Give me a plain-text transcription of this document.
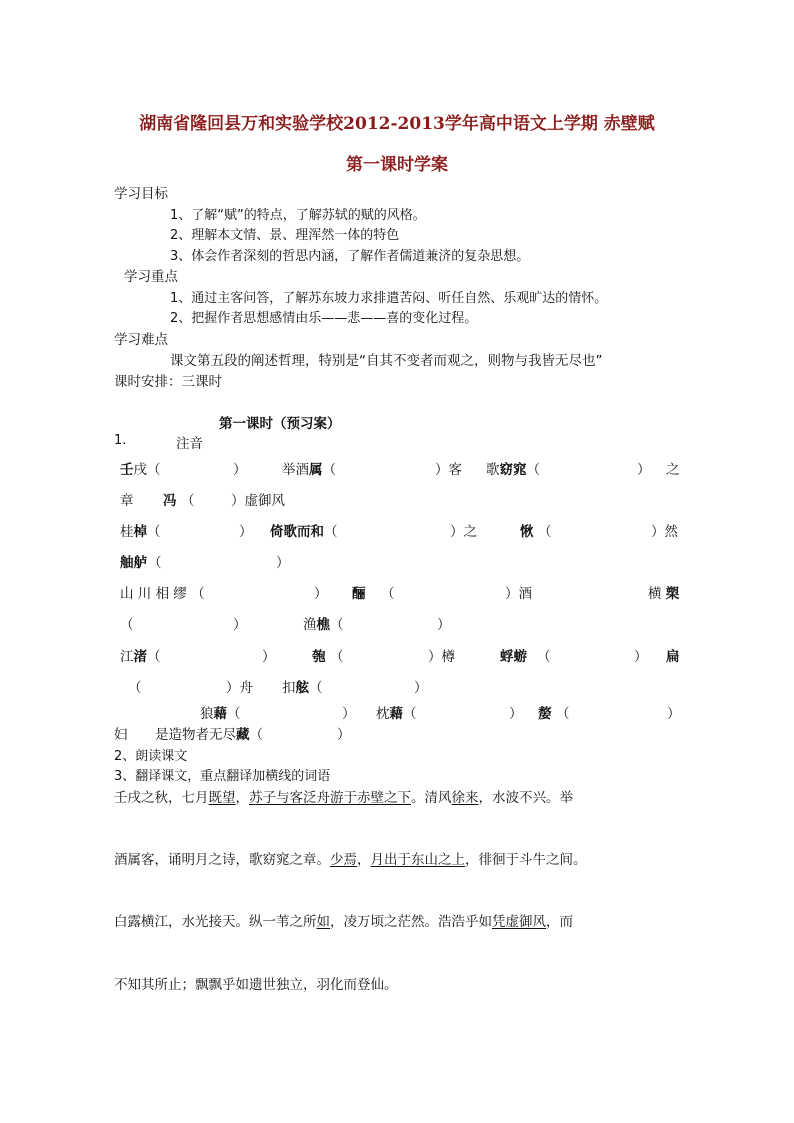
湖南省隆回县万和实验学校2012-2013学年高中语文上学期 赤壁赋
第一课时学案
学习目标
1、了解“赋”的特点，了解苏轼的赋的风格。
2、理解本文情、景、理浑然一体的特色
3、体会作者深刻的哲思内涵，了解作者儒道兼济的复杂思想。
学习重点
1、通过主客问答，了解苏东坡力求排遣苦闷、听任自然、乐观旷达的情怀。
2、把握作者思想感情由乐——悲——喜的变化过程。
学习难点
课文第五段的阐述哲理，特别是“自其不变者而观之，则物与我皆无尽也”
课时安排：三课时
第一课时（预习案）
1.	注音
壬戌（	）	举酒属（	）客 歌窈窕（	） 之
章 冯 （	）虚御风
桂棹（	） 倚歌而和（	）之	愀 （	）然
舳舻 （	）
山 川 相 缪 （	） 酾 （	）酒	横 槊
（	）	渔樵（	）
江渚（	）	匏 （	）樽	蜉蝣 （	） 扁
（	）舟 扣舷（	）
狼藉（	） 枕藉（	） 嫠 （	）
妇 是造物者无尽藏（	）
2、朗读课文
3、翻译课文，重点翻译加横线的词语
壬戌之秋，七月既望，苏子与客泛舟游于赤壁之下。清风徐来，水波不兴。举
酒属客，诵明月之诗，歌窈窕之章。少焉，月出于东山之上，徘徊于斗牛之间。
白露横江，水光接天。纵一苇之所如，凌万顷之茫然。浩浩乎如凭虚御风，而
不知其所止；飘飘乎如遗世独立，羽化而登仙。
